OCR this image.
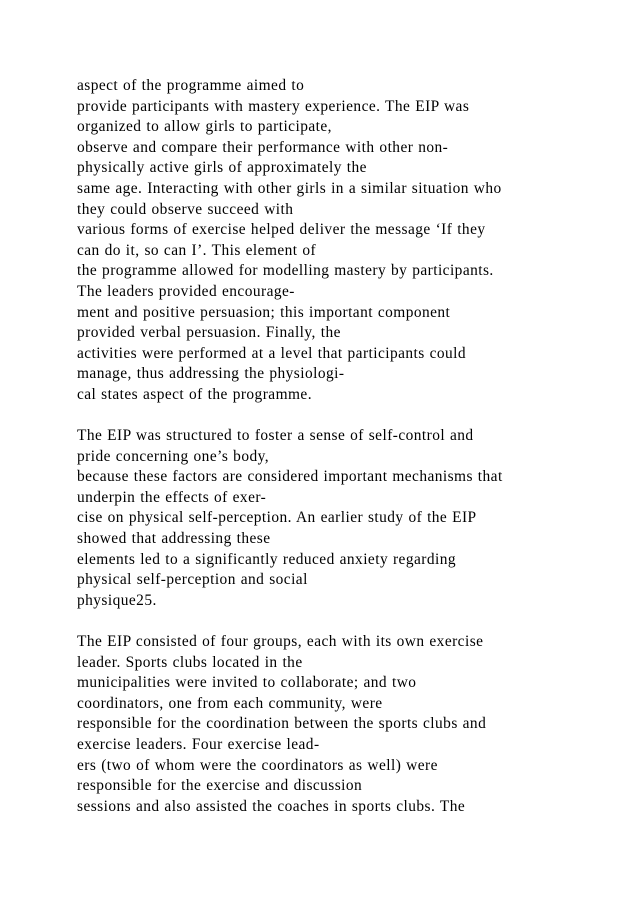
aspect of the programme aimed to
provide participants with mastery experience. The EIP was
organized to allow girls to participate,
observe and compare their performance with other non-
physically active girls of approximately the
same age. Interacting with other girls in a similar situation who
they could observe succeed with
various forms of exercise helped deliver the message ‘If they
can do it, so can I’. This element of
the programme allowed for modelling mastery by participants.
The leaders provided encourage-
ment and positive persuasion; this important component
provided verbal persuasion. Finally, the
activities were performed at a level that participants could
manage, thus addressing the physiologi-
cal states aspect of the programme.
The EIP was structured to foster a sense of self-control and
pride concerning one’s body,
because these factors are considered important mechanisms that
underpin the effects of exer-
cise on physical self-perception. An earlier study of the EIP
showed that addressing these
elements led to a significantly reduced anxiety regarding
physical self-perception and social
physique25.
The EIP consisted of four groups, each with its own exercise
leader. Sports clubs located in the
municipalities were invited to collaborate; and two
coordinators, one from each community, were
responsible for the coordination between the sports clubs and
exercise leaders. Four exercise lead-
ers (two of whom were the coordinators as well) were
responsible for the exercise and discussion
sessions and also assisted the coaches in sports clubs. The
